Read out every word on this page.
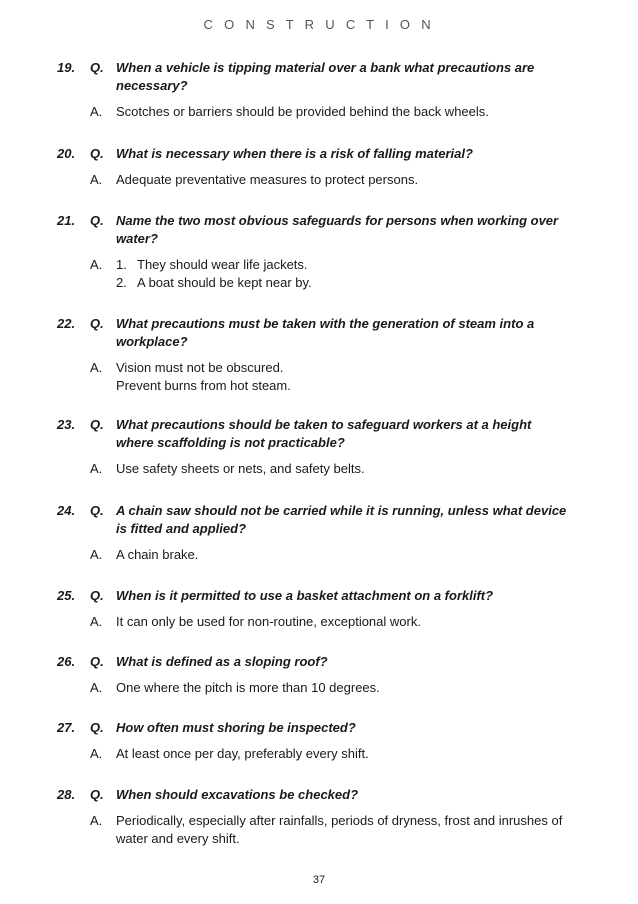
C O N S T R U C T I O N
19. Q. When a vehicle is tipping material over a bank what precautions are necessary?
A. Scotches or barriers should be provided behind the back wheels.
20. Q. What is necessary when there is a risk of falling material?
A. Adequate preventative measures to protect persons.
21. Q. Name the two most obvious safeguards for persons when working over water?
A. 1. They should wear life jackets.
2. A boat should be kept near by.
22. Q. What precautions must be taken with the generation of steam into a workplace?
A. Vision must not be obscured.
Prevent burns from hot steam.
23. Q. What precautions should be taken to safeguard workers at a height where scaffolding is not practicable?
A. Use safety sheets or nets, and safety belts.
24. Q. A chain saw should not be carried while it is running, unless what device is fitted and applied?
A. A chain brake.
25. Q. When is it permitted to use a basket attachment on a forklift?
A. It can only be used for non-routine, exceptional work.
26. Q. What is defined as a sloping roof?
A. One where the pitch is more than 10 degrees.
27. Q. How often must shoring be inspected?
A. At least once per day, preferably every shift.
28. Q. When should excavations be checked?
A. Periodically, especially after rainfalls, periods of dryness, frost and inrushes of water and every shift.
37
